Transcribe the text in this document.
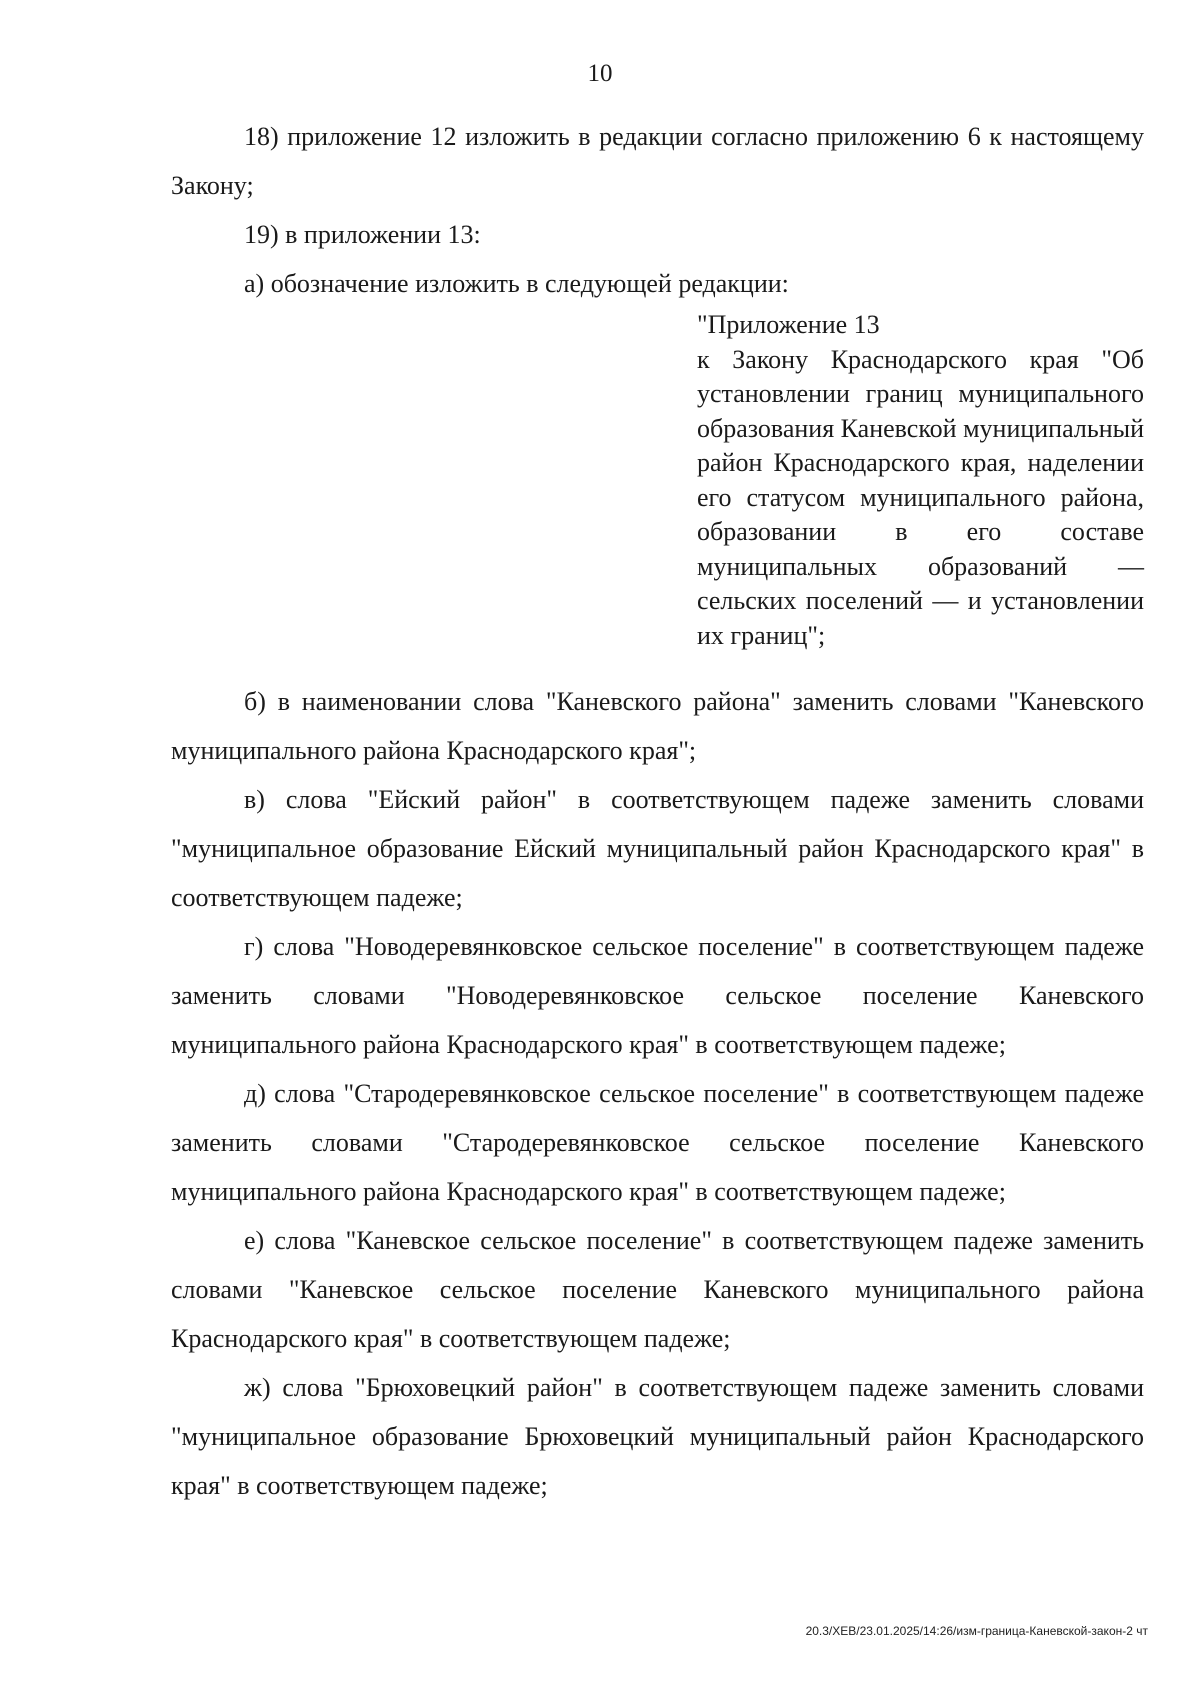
10

18) приложение 12 изложить в редакции согласно приложению 6 к настоящему Закону;

19) в приложении 13:

а) обозначение изложить в следующей редакции:

"Приложение 13

к Закону Краснодарского края "Об установлении границ муниципального образования Каневской муниципальный район Краснодарского края, наделении его статусом муниципального района, образовании в его составе муниципальных образований — сельских поселений — и установлении их границ";

б) в наименовании слова "Каневского района" заменить словами "Каневского муниципального района Краснодарского края";

в) слова "Ейский район" в соответствующем падеже заменить словами "муниципальное образование Ейский муниципальный район Краснодарского края" в соответствующем падеже;

г) слова "Новодеревянковское сельское поселение" в соответствующем падеже заменить словами "Новодеревянковское сельское поселение Каневского муниципального района Краснодарского края" в соответствующем падеже;

д) слова "Стародеревянковское сельское поселение" в соответствующем падеже заменить словами "Стародеревянковское сельское поселение Каневского муниципального района Краснодарского края" в соответствующем падеже;

е) слова "Каневское сельское поселение" в соответствующем падеже заменить словами "Каневское сельское поселение Каневского муниципального района Краснодарского края" в соответствующем падеже;

ж) слова "Брюховецкий район" в соответствующем падеже заменить словами "муниципальное образование Брюховецкий муниципальный район Краснодарского края" в соответствующем падеже;

20.3/ХЕВ/23.01.2025/14:26/изм-граница-Каневской-закон-2 чт
